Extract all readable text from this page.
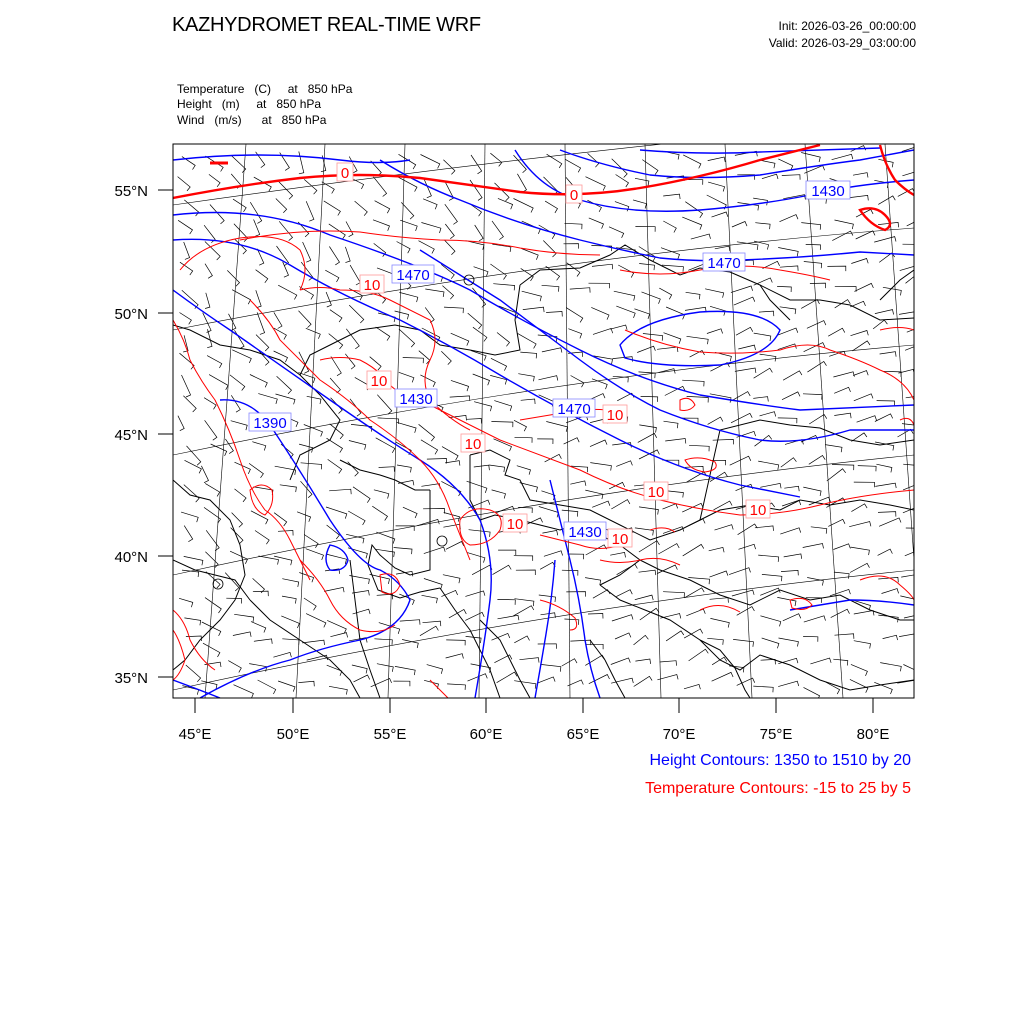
KAZHYDROMET REAL-TIME WRF	Init: 2026-03-26_00:00:00
Valid: 2026-03-29_03:00:00
Temperature   (C)     at   850 hPa
Height   (m)     at   850 hPa
Wind   (m/s)      at   850 hPa
1430
1470
1470
1390
1430
1470
1430
0
0
10
10
10
10
10
10
10
10
55°N
50°N
45°N
40°N
35°N
45°E	50°E	55°E	60°E	65°E	70°E	75°E	80°E
Height Contours: 1350 to 1510 by 20
Temperature Contours: -15 to 25 by 5
